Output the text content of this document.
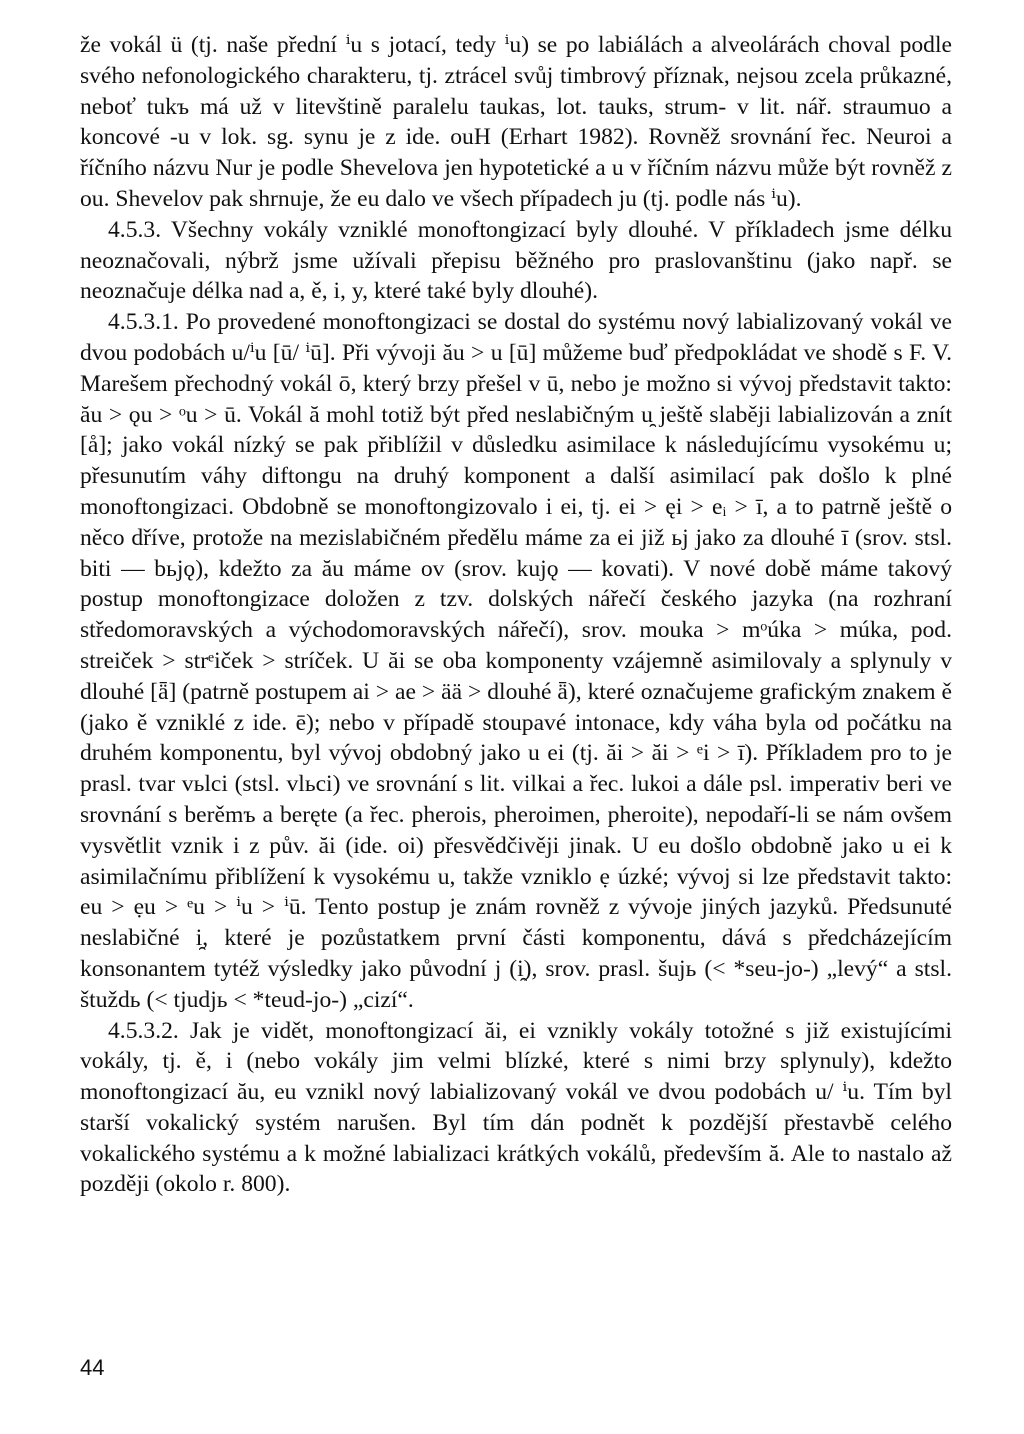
že vokál ü (tj. naše přední ⁱu s jotací, tedy ⁱu) se po labiálách a alveolárách choval podle svého nefonologického charakteru, tj. ztrácel svůj timbrový příznak, nejsou zcela průkazné, neboť tukъ má už v litevštině paralelu taukas, lot. tauks, strum- v lit. nář. straumuo a koncové -u v lok. sg. synu je z ide. ouH (Erhart 1982). Rovněž srovnání řec. Neuroi a říčního názvu Nur je podle Shevelova jen hypotetické a u v říčním názvu může být rovněž z ou. Shevelov pak shrnuje, že eu dalo ve všech případech ju (tj. podle nás ⁱu).

4.5.3. Všechny vokály vzniklé monoftongizací byly dlouhé. V příkladech jsme délku neoznačovali, nýbrž jsme užívali přepisu běžného pro praslovanštinu (jako např. se neoznačuje délka nad a, ě, i, y, které také byly dlouhé).

4.5.3.1. Po provedené monoftongizaci se dostal do systému nový labializovaný vokál ve dvou podobách u/ⁱu [ū/ ⁱū]. Při vývoji ău > u [ū] můžeme buď předpokládat ve shodě s F. V. Marešem přechodný vokál ō, který brzy přešel v ū, nebo je možno si vývoj představit takto: ău > ǫu > ᵒu > ū. Vokál ă mohl totiž být před neslabičným u̯ ještě slaběji labializován a znít [å]; jako vokál nízký se pak přiblížil v důsledku asimilace k následujícímu vysokému u; přesunutím váhy diftongu na druhý komponent a další asimilací pak došlo k plné monoftongizaci. Obdobně se monoftongizovalo i ei, tj. ei > ęi > eᵢ > ī, a to patrně ještě o něco dříve, protože na mezislabičném předělu máme za ei již ьj jako za dlouhé ī (srov. stsl. biti — bьjǫ), kdežto za ău máme ov (srov. kujǫ — kovati). V nové době máme takový postup monoftongizace doložen z tzv. dolských nářečí českého jazyka (na rozhraní středomoravských a východomoravských nářečí), srov. mouka > mᵒúka > múka, pod. streiček > strᵉiček > stríček. U ăi se oba komponenty vzájemně asimilovaly a splynuly v dlouhé [ǟ] (patrně postupem ai > ae > ää > dlouhé ǟ), které označujeme grafickým znakem ě (jako ě vzniklé z ide. ē); nebo v případě stoupavé intonace, kdy váha byla od počátku na druhém komponentu, byl vývoj obdobný jako u ei (tj. ăi > ăi > ᵉi > ī). Příkladem pro to je prasl. tvar vьlci (stsl. vlьci) ve srovnání s lit. vilkai a řec. lukoi a dále psl. imperativ beri ve srovnání s berěmъ a beręte (a řec. pherois, pheroimen, pheroite), nepodaří-li se nám ovšem vysvětlit vznik i z pův. ăi (ide. oi) přesvědčivěji jinak. U eu došlo obdobně jako u ei k asimilačnímu přiblížení k vysokému u, takže vzniklo ẹ úzké; vývoj si lze představit takto: eu > ẹu > ᵉu > ⁱu > ⁱū. Tento postup je znám rovněž z vývoje jiných jazyků. Předsunuté neslabičné i̯, které je pozůstatkem první části komponentu, dává s předcházejícím konsonantem tytéž výsledky jako původní j (i̯), srov. prasl. šujь (< *seu-jo-) „levý“ a stsl. štuždь (< tjudjь < *teud-jo-) „cizí“.

4.5.3.2. Jak je vidět, monoftongizací ăi, ei vznikly vokály totožné s již existujícími vokály, tj. ě, i (nebo vokály jim velmi blízké, které s nimi brzy splynuly), kdežto monoftongizací ău, eu vznikl nový labializovaný vokál ve dvou podobách u/ ⁱu. Tím byl starší vokalický systém narušen. Byl tím dán podnět k pozdější přestavbě celého vokalického systému a k možné labializaci krátkých vokálů, především ă. Ale to nastalo až později (okolo r. 800).

44
